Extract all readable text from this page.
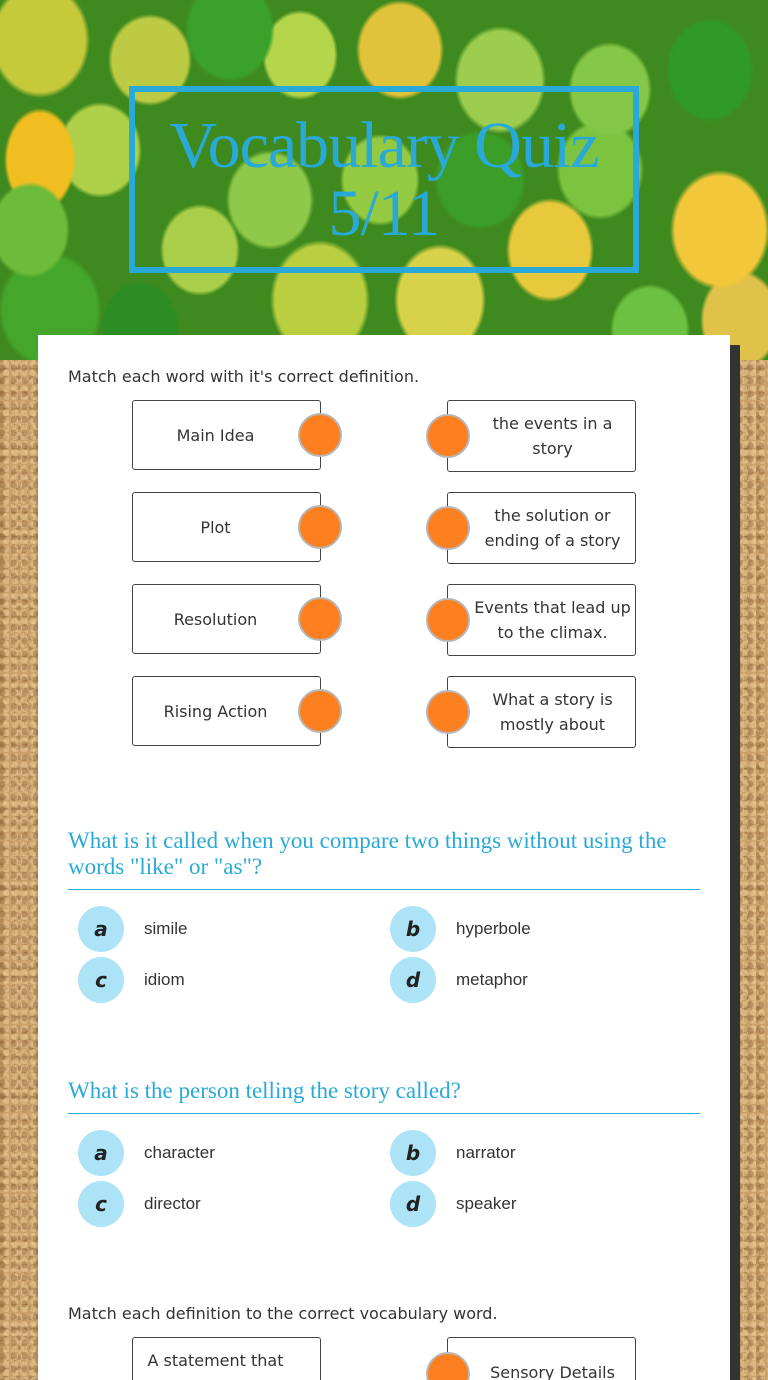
Vocabulary Quiz
5/11
Match each word with it's correct definition.
Main Idea
Plot
Resolution
Rising Action
the events in a story
the solution or ending of a story
Events that lead up to the climax.
What a story is mostly about
What is it called when you compare two things without using the words "like" or "as"?
a	simile	b	hyperbole
c	idiom	d	metaphor
What is the person telling the story called?
a	character	b	narrator
c	director	d	speaker
Match each definition to the correct vocabulary word.
A statement that
Sensory Details
